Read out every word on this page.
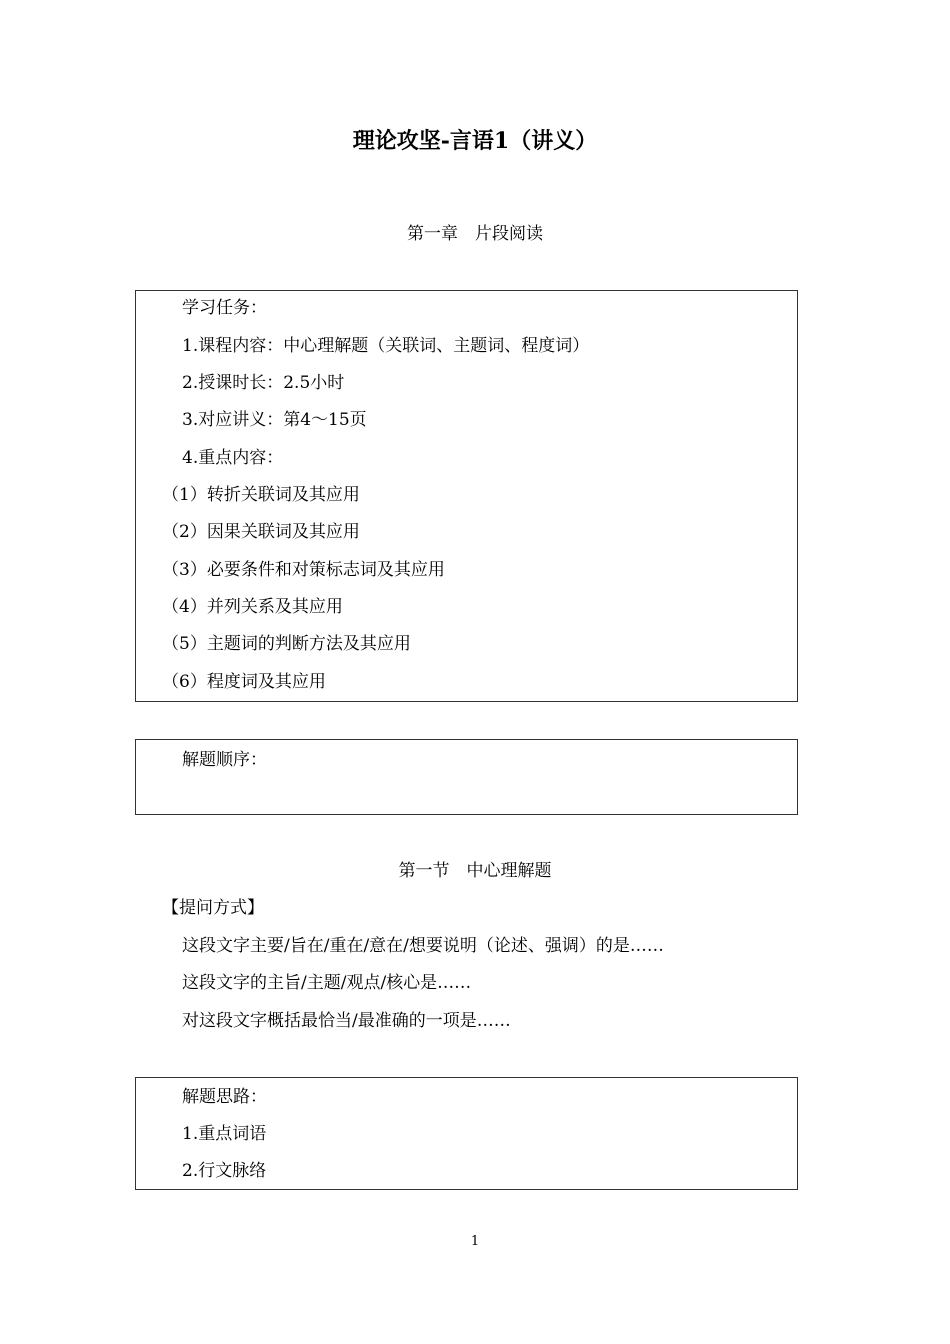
理论攻坚-言语1（讲义）
第一章　片段阅读
学习任务：
1.课程内容：中心理解题（关联词、主题词、程度词）
2.授课时长：2.5小时
3.对应讲义：第4～15页
4.重点内容：
（1）转折关联词及其应用
（2）因果关联词及其应用
（3）必要条件和对策标志词及其应用
（4）并列关系及其应用
（5）主题词的判断方法及其应用
（6）程度词及其应用
解题顺序：
第一节　中心理解题
【提问方式】
这段文字主要/旨在/重在/意在/想要说明（论述、强调）的是……
这段文字的主旨/主题/观点/核心是……
对这段文字概括最恰当/最准确的一项是……
解题思路：
1.重点词语
2.行文脉络
1
